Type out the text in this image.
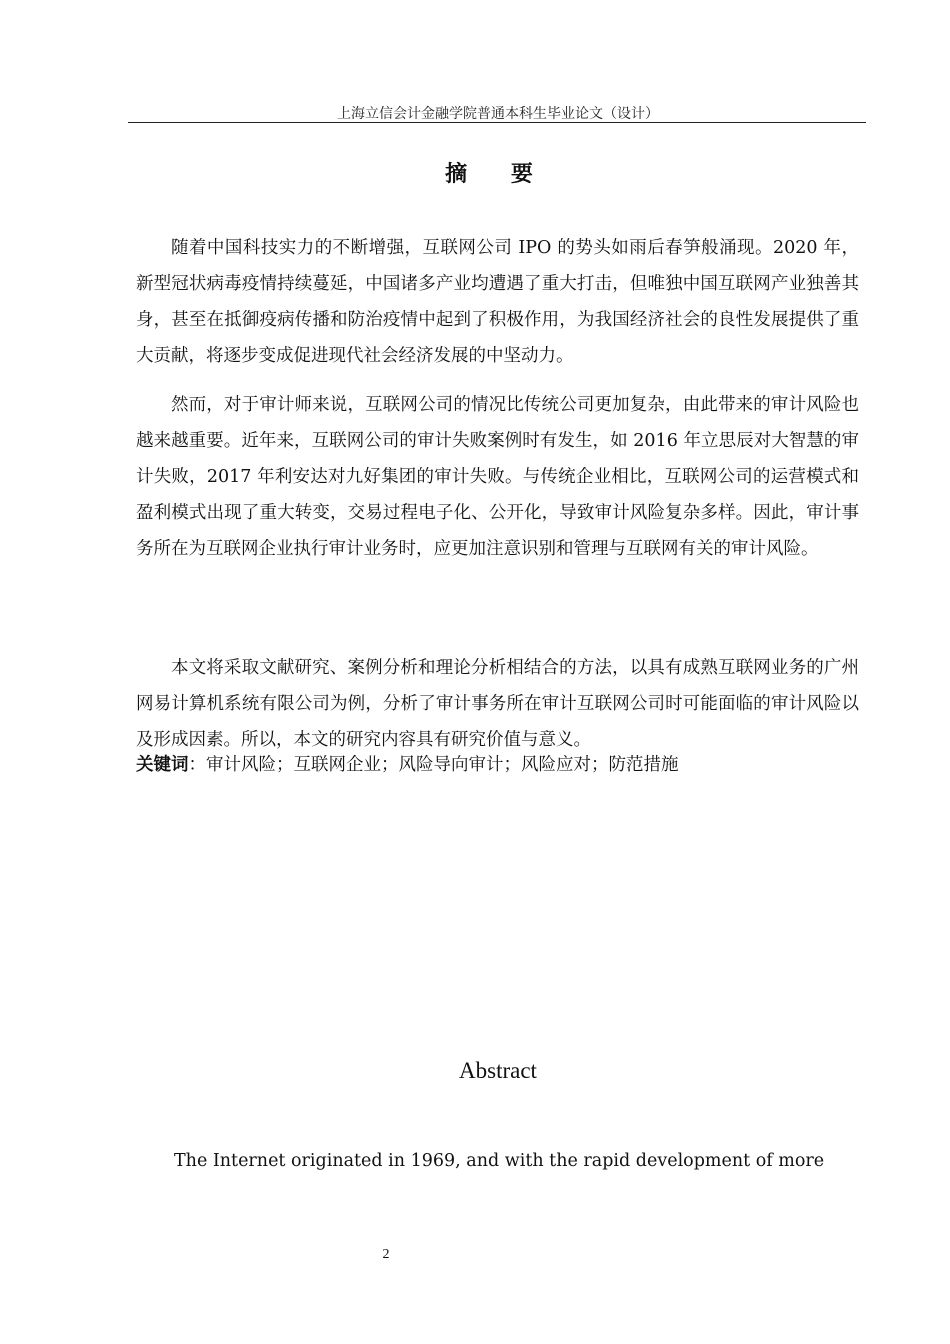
上海立信会计金融学院普通本科生毕业论文（设计）
摘 要

随着中国科技实力的不断增强，互联网公司 IPO 的势头如雨后春笋般涌现。2020 年，新型冠状病毒疫情持续蔓延，中国诸多产业均遭遇了重大打击，但唯独中国互联网产业独善其身，甚至在抵御疫病传播和防治疫情中起到了积极作用，为我国经济社会的良性发展提供了重大贡献，将逐步变成促进现代社会经济发展的中坚动力。

然而，对于审计师来说，互联网公司的情况比传统公司更加复杂，由此带来的审计风险也越来越重要。近年来，互联网公司的审计失败案例时有发生，如 2016 年立思辰对大智慧的审计失败，2017 年利安达对九好集团的审计失败。与传统企业相比，互联网公司的运营模式和盈利模式出现了重大转变，交易过程电子化、公开化，导致审计风险复杂多样。因此，审计事务所在为互联网企业执行审计业务时，应更加注意识别和管理与互联网有关的审计风险。

本文将采取文献研究、案例分析和理论分析相结合的方法，以具有成熟互联网业务的广州网易计算机系统有限公司为例，分析了审计事务所在审计互联网公司时可能面临的审计风险以及形成因素。所以，本文的研究内容具有研究价值与意义。

关键词：审计风险；互联网企业；风险导向审计；风险应对；防范措施
Abstract

The Internet originated in 1969, and with the rapid development of more

2
